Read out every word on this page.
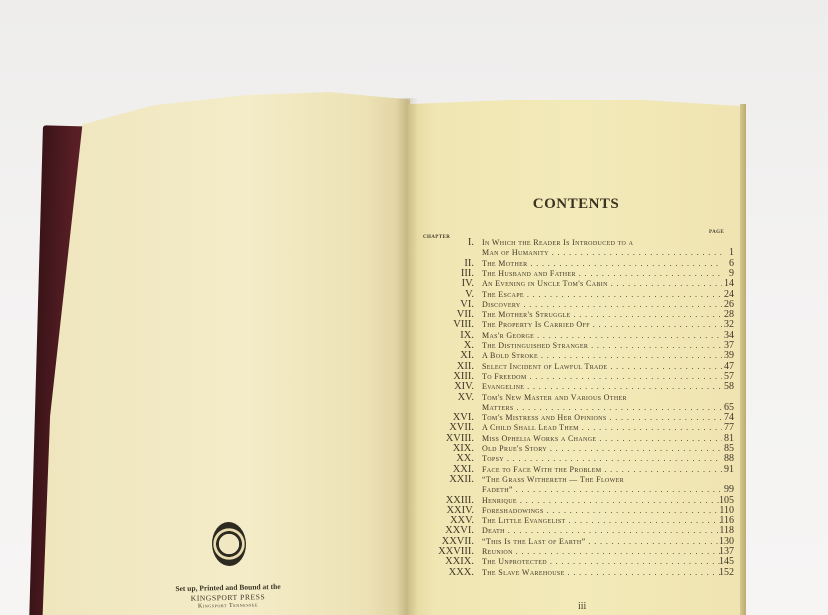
Set up, Printed and Bound at the
KINGSPORT PRESS
Kingsport Tennessee
CONTENTS
CHAPTER
PAGE
I. In Which the Reader Is Introduced to a
Man of Humanity . . .	1
II. The Mother . . .	6
III. The Husband and Father . . .	9
IV. An Evening in Uncle Tom's Cabin . . .	14
V. The Escape . . .	24
VI. Discovery . . .	26
VII. The Mother's Struggle . . .	28
VIII. The Property Is Carried Off . . .	32
IX. Mas'r George . . .	34
X. The Distinguished Stranger . . .	37
XI. A Bold Stroke . . .	39
XII. Select Incident of Lawful Trade . . .	47
XIII. To Freedom . . .	57
XIV. Evangeline . . .	58
XV. Tom's New Master and Various Other
Matters . . .	65
XVI. Tom's Mistress and Her Opinions . . .	74
XVII. A Child Shall Lead Them . . .	77
XVIII. Miss Ophelia Works a Change . . .	81
XIX. Old Prue's Story . . .	85
XX. Topsy . . .	88
XXI. Face to Face With the Problem . . .	91
XXII. “The Grass Withereth — The Flower
Fadeth” . . .	99
XXIII. Henrique . . .	105
XXIV. Foreshadowings . . .	110
XXV. The Little Evangelist . . .	116
XXVI. Death . . .	118
XXVII. “This Is the Last of Earth” . . .	130
XXVIII. Reunion . . .	137
XXIX. The Unprotected . . .	145
XXX. The Slave Warehouse . . .	152
iii
